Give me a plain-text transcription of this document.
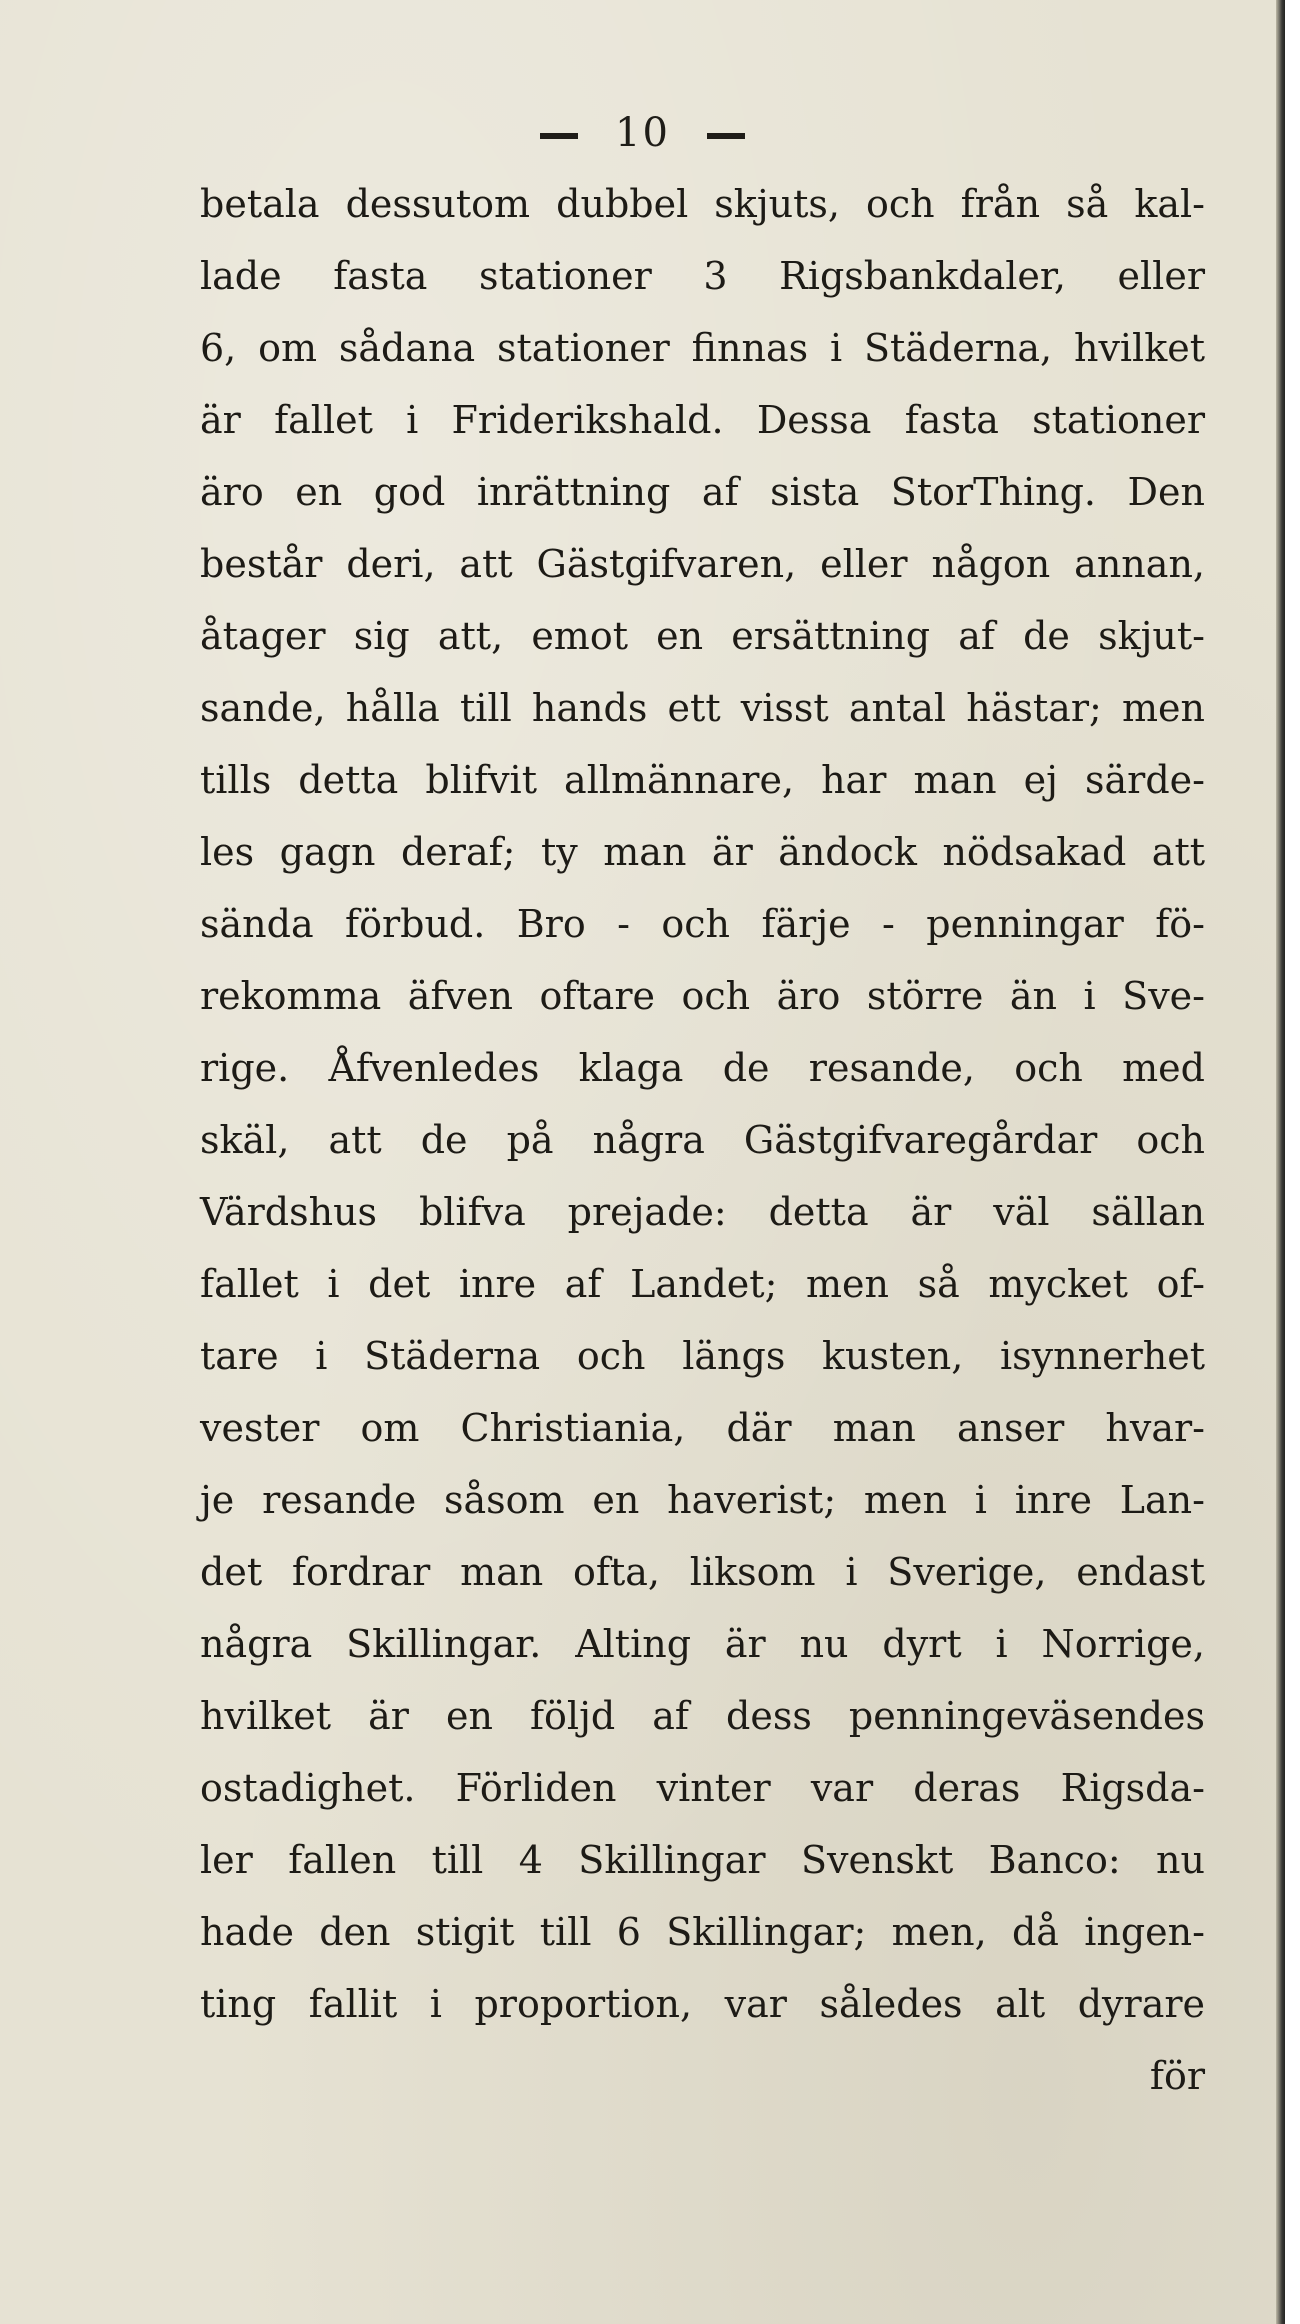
10
betala dessutom dubbel skjuts, och från så kal-
lade fasta stationer 3 Rigsbankdaler, eller
6, om sådana stationer finnas i Städerna, hvilket
är fallet i Friderikshald. Dessa fasta stationer
äro en god inrättning af sista StorThing. Den
består deri, att Gästgifvaren, eller någon annan,
åtager sig att, emot en ersättning af de skjut-
sande, hålla till hands ett visst antal hästar; men
tills detta blifvit allmännare, har man ej särde-
les gagn deraf; ty man är ändock nödsakad att
sända förbud. Bro - och färje - penningar fö-
rekomma äfven oftare och äro större än i Sve-
rige. Åfvenledes klaga de resande, och med
skäl, att de på några Gästgifvaregårdar och
Värdshus blifva prejade: detta är väl sällan
fallet i det inre af Landet; men så mycket of-
tare i Städerna och längs kusten, isynnerhet
vester om Christiania, där man anser hvar-
je resande såsom en haverist; men i inre Lan-
det fordrar man ofta, liksom i Sverige, endast
några Skillingar. Alting är nu dyrt i Norrige,
hvilket är en följd af dess penningeväsendes
ostadighet. Förliden vinter var deras Rigsda-
ler fallen till 4 Skillingar Svenskt Banco: nu
hade den stigit till 6 Skillingar; men, då ingen-
ting fallit i proportion, var således alt dyrare
för
